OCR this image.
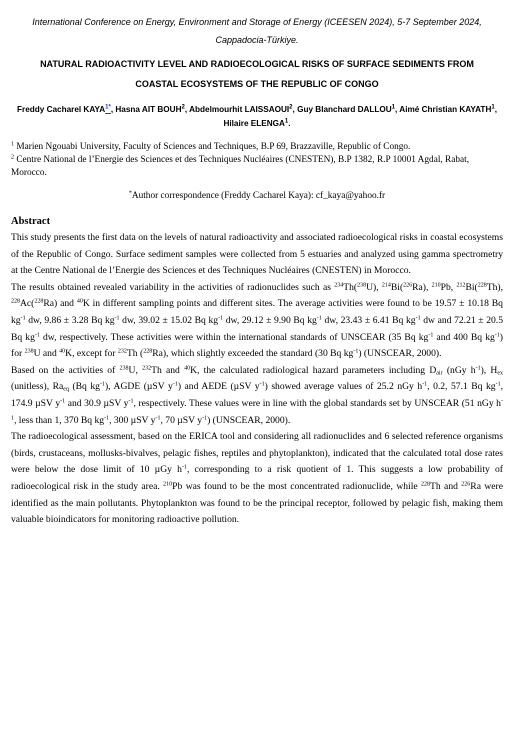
International Conference on Energy, Environment and Storage of Energy (ICEESEN 2024), 5-7 September 2024,

Cappadocia-Türkiye.

NATURAL RADIOACTIVITY LEVEL AND RADIOECOLOGICAL RISKS OF SURFACE SEDIMENTS FROM

COASTAL ECOSYSTEMS OF THE REPUBLIC OF CONGO

Freddy Cacharel KAYA$^{1*}$, Hasna AIT BOUH$^2$, Abdelmourhit LAISSAOUI$^2$, Guy Blanchard DALLOU$^1$, Aimé Christian KAYATH$^1$, Hilaire ELENGA$^1$.

$^1$ Marien Ngouabi University, Faculty of Sciences and Techniques, B.P 69, Brazzaville, Republic of Congo.

$^2$ Centre National de l’Energie des Sciences et des Techniques Nucléaires (CNESTEN), B.P 1382, R.P 10001 Agdal, Rabat, Morocco.

*Author correspondence (Freddy Cacharel Kaya): cf_kaya@yahoo.fr

Abstract

This study presents the first data on the levels of natural radioactivity and associated radioecological risks in coastal ecosystems of the Republic of Congo. Surface sediment samples were collected from 5 estuaries and analyzed using gamma spectrometry at the Centre National de l’Energie des Sciences et des Techniques Nucléaires (CNESTEN) in Morocco.

The results obtained revealed variability in the activities of radionuclides such as $^{234}$Th($^{238}$U), $^{214}$Bi($^{226}$Ra), $^{210}$Pb, $^{212}$Bi($^{228}$Th), $^{228}$Ac($^{228}$Ra) and $^{40}$K in different sampling points and different sites. The average activities were found to be 19.57 ± 10.18 Bq $kg^{-1}$ dw, 9.86 ± 3.28 Bq $kg^{-1}$ dw, 39.02 ± 15.02 Bq $kg^{-1}$ dw, 29.12 ± 9.90 Bq $kg^{-1}$ dw, 23.43 ± 6.41 Bq $kg^{-1}$ dw and 72.21 ± 20.5 Bq $kg^{-1}$ dw, respectively. These activities were within the international standards of UNSCEAR (35 Bq $kg^{-1}$ and 400 Bq $kg^{-1}$) for $^{238}$U and $^{40}$K, except for $^{232}$Th ($^{228}$Ra), which slightly exceeded the standard (30 Bq $kg^{-1}$) (UNSCEAR, 2000).

Based on the activities of $^{238}$U, $^{232}$Th and $^{40}$K, the calculated radiological hazard parameters including $D_{air}$ (nGy $h^{-1}$), $H_{ex}$ (unitless), $Ra_{eq}$ (Bq $kg^{-1}$), AGDE (µSV $y^{-1}$) and AEDE (µSV $y^{-1}$) showed average values of 25.2 nGy $h^{-1}$, 0.2, 57.1 Bq $kg^{-1}$, 174.9 µSV $y^{-1}$ and 30.9 µSV $y^{-1}$, respectively. These values were in line with the global standards set by UNSCEAR (51 nGy $h^{-1}$, less than 1, 370 Bq $kg^{-1}$, 300 µSV $y^{-1}$, 70 µSV $y^{-1}$) (UNSCEAR, 2000).

The radioecological assessment, based on the ERICA tool and considering all radionuclides and 6 selected reference organisms (birds, crustaceans, mollusks-bivalves, pelagic fishes, reptiles and phytoplankton), indicated that the calculated total dose rates were below the dose limit of 10 µGy $h^{-1}$, corresponding to a risk quotient of 1. This suggests a low probability of radioecological risk in the study area. $^{210}$Pb was found to be the most concentrated radionuclide, while $^{228}$Th and $^{226}$Ra were identified as the main pollutants. Phytoplankton was found to be the principal receptor, followed by pelagic fish, making them valuable bioindicators for monitoring radioactive pollution.
